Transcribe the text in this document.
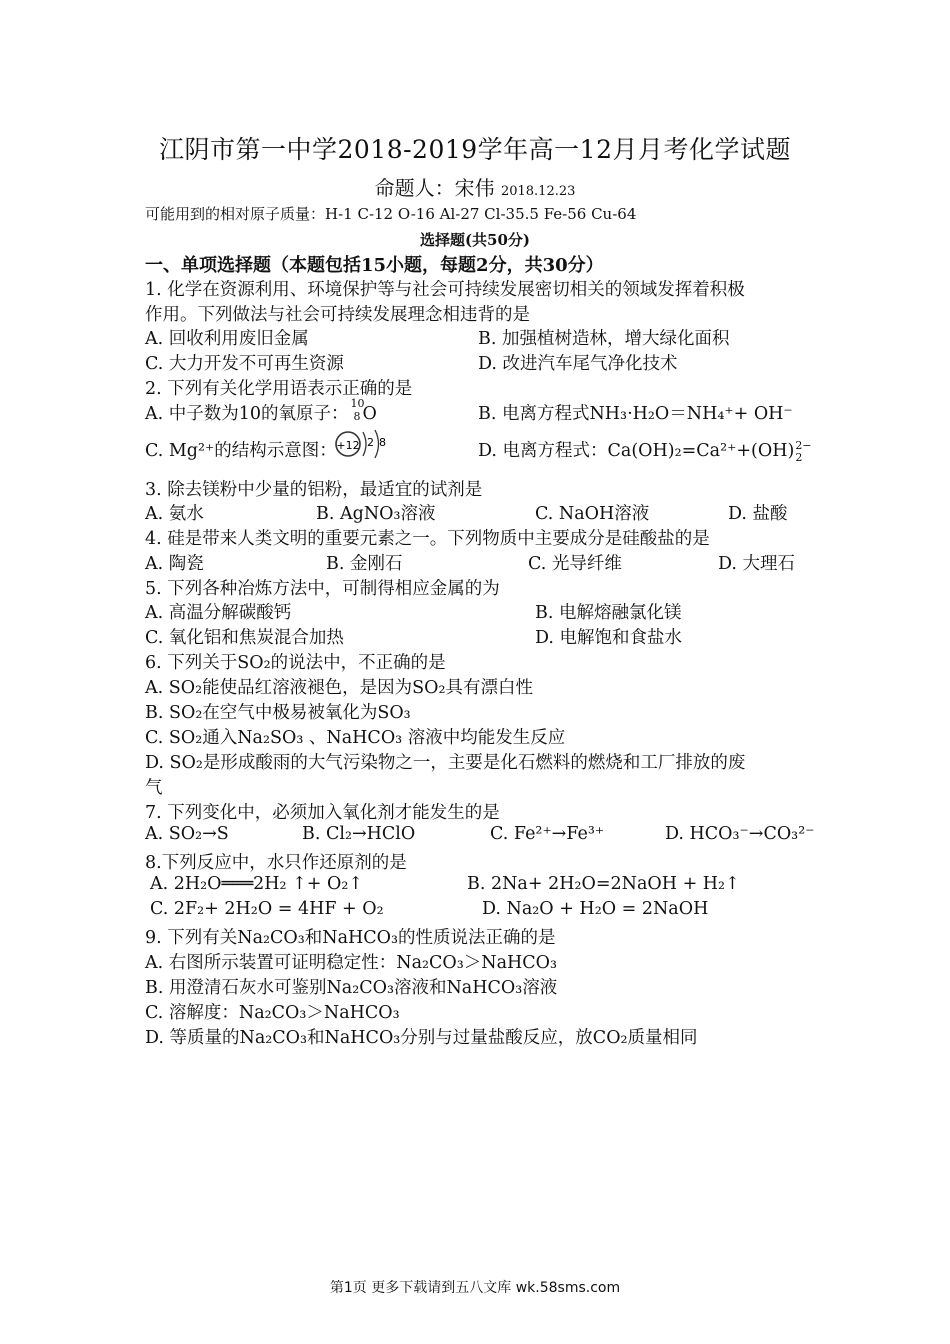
江阴市第一中学2018-2019学年高一12月月考化学试题
命题人：宋伟 2018.12.23
可能用到的相对原子质量：H-1 C-12 O-16 Al-27 Cl-35.5 Fe-56 Cu-64
选择题(共50分)
一、单项选择题（本题包括15小题，每题2分，共30分）
1. 化学在资源利用、环境保护等与社会可持续发展密切相关的领域发挥着积极
作用。下列做法与社会可持续发展理念相违背的是
A. 回收利用废旧金属	B. 加强植树造林，增大绿化面积
C. 大力开发不可再生资源	D. 改进汽车尾气净化技术
2. 下列有关化学用语表示正确的是
A. 中子数为10的氧原子：
10
8 O	B. 电离方程式NH₃·H₂O＝NH₄⁺+ OH⁻
C. Mg²⁺的结构示意图： +12 2 8	D. 电离方程式：Ca(OH)₂=Ca²⁺+(OH) 2−
2
3. 除去镁粉中少量的铝粉，最适宜的试剂是
A. 氨水	B. AgNO₃溶液	C. NaOH溶液	D. 盐酸
4. 硅是带来人类文明的重要元素之一。下列物质中主要成分是硅酸盐的是
A. 陶瓷	B. 金刚石	C. 光导纤维	D. 大理石
5. 下列各种冶炼方法中，可制得相应金属的为
A. 高温分解碳酸钙	B. 电解熔融氯化镁
C. 氧化铝和焦炭混合加热	D. 电解饱和食盐水
6. 下列关于SO₂的说法中，不正确的是
A. SO₂能使品红溶液褪色，是因为SO₂具有漂白性
B. SO₂在空气中极易被氧化为SO₃
C. SO₂通入Na₂SO₃ 、NaHCO₃ 溶液中均能发生反应
D. SO₂是形成酸雨的大气污染物之一，主要是化石燃料的燃烧和工厂排放的废
气
7. 下列变化中，必须加入氧化剂才能发生的是
A. SO₂→S	B. Cl₂→HClO	C. Fe²⁺→Fe³⁺	D. HCO₃⁻→CO₃²⁻
8.下列反应中，水只作还原剂的是
A. 2H₂O═══2H₂ ↑+ O₂↑	B. 2Na+ 2H₂O=2NaOH + H₂↑
C. 2F₂+ 2H₂O = 4HF + O₂	D. Na₂O + H₂O = 2NaOH
9. 下列有关Na₂CO₃和NaHCO₃的性质说法正确的是
A. 右图所示装置可证明稳定性：Na₂CO₃＞NaHCO₃
B. 用澄清石灰水可鉴别Na₂CO₃溶液和NaHCO₃溶液
C. 溶解度：Na₂CO₃＞NaHCO₃
D. 等质量的Na₂CO₃和NaHCO₃分别与过量盐酸反应，放CO₂质量相同
第1页 更多下载请到五八文库 wk.58sms.com
